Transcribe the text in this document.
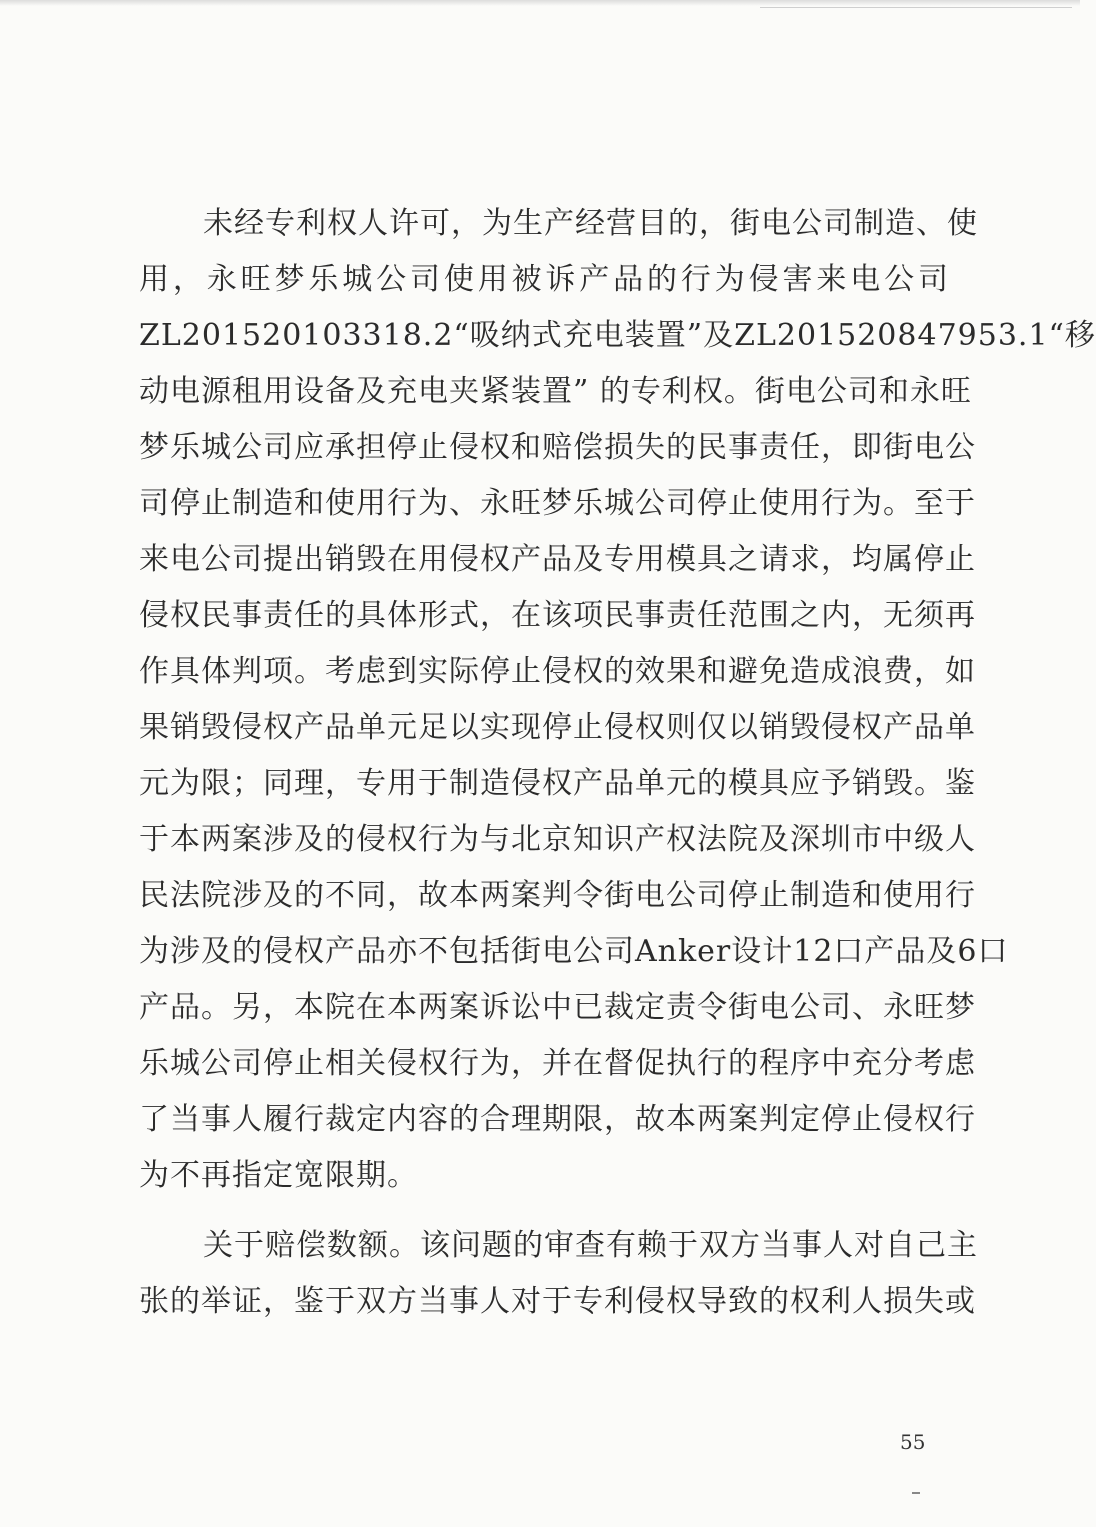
未经专利权人许可，为生产经营目的，街电公司制造、使
用，永旺梦乐城公司使用被诉产品的行为侵害来电公司
ZL201520103318.2“吸纳式充电装置”及ZL201520847953.1“移
动电源租用设备及充电夹紧装置” 的专利权。街电公司和永旺
梦乐城公司应承担停止侵权和赔偿损失的民事责任，即街电公
司停止制造和使用行为、永旺梦乐城公司停止使用行为。至于
来电公司提出销毁在用侵权产品及专用模具之请求，均属停止
侵权民事责任的具体形式，在该项民事责任范围之内，无须再
作具体判项。考虑到实际停止侵权的效果和避免造成浪费，如
果销毁侵权产品单元足以实现停止侵权则仅以销毁侵权产品单
元为限；同理，专用于制造侵权产品单元的模具应予销毁。鉴
于本两案涉及的侵权行为与北京知识产权法院及深圳市中级人
民法院涉及的不同，故本两案判令街电公司停止制造和使用行
为涉及的侵权产品亦不包括街电公司Anker设计12口产品及6口
产品。另，本院在本两案诉讼中已裁定责令街电公司、永旺梦
乐城公司停止相关侵权行为，并在督促执行的程序中充分考虑
了当事人履行裁定内容的合理期限，故本两案判定停止侵权行
为不再指定宽限期。
关于赔偿数额。该问题的审查有赖于双方当事人对自己主
张的举证，鉴于双方当事人对于专利侵权导致的权利人损失或
55
